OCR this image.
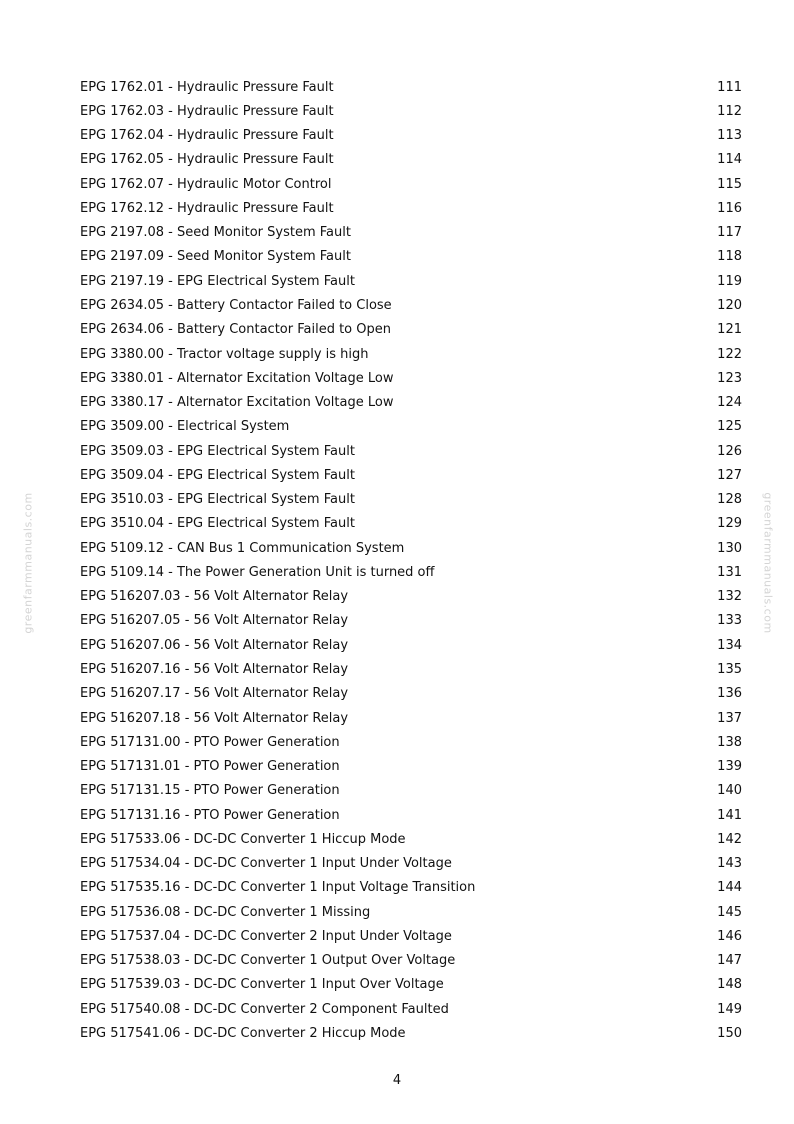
greenfarmmanuals.com	greenfarmmanuals.com
EPG 1762.01 - Hydraulic Pressure Fault	111
EPG 1762.03 - Hydraulic Pressure Fault	112
EPG 1762.04 - Hydraulic Pressure Fault	113
EPG 1762.05 - Hydraulic Pressure Fault	114
EPG 1762.07 - Hydraulic Motor Control	115
EPG 1762.12 - Hydraulic Pressure Fault	116
EPG 2197.08 - Seed Monitor System Fault	117
EPG 2197.09 - Seed Monitor System Fault	118
EPG 2197.19 - EPG Electrical System Fault	119
EPG 2634.05 - Battery Contactor Failed to Close	120
EPG 2634.06 - Battery Contactor Failed to Open	121
EPG 3380.00 - Tractor voltage supply is high	122
EPG 3380.01 - Alternator Excitation Voltage Low	123
EPG 3380.17 - Alternator Excitation Voltage Low	124
EPG 3509.00 - Electrical System	125
EPG 3509.03 - EPG Electrical System Fault	126
EPG 3509.04 - EPG Electrical System Fault	127
EPG 3510.03 - EPG Electrical System Fault	128
EPG 3510.04 - EPG Electrical System Fault	129
EPG 5109.12 - CAN Bus 1 Communication System	130
EPG 5109.14 - The Power Generation Unit is turned off	131
EPG 516207.03 - 56 Volt Alternator Relay	132
EPG 516207.05 - 56 Volt Alternator Relay	133
EPG 516207.06 - 56 Volt Alternator Relay	134
EPG 516207.16 - 56 Volt Alternator Relay	135
EPG 516207.17 - 56 Volt Alternator Relay	136
EPG 516207.18 - 56 Volt Alternator Relay	137
EPG 517131.00 - PTO Power Generation	138
EPG 517131.01 - PTO Power Generation	139
EPG 517131.15 - PTO Power Generation	140
EPG 517131.16 - PTO Power Generation	141
EPG 517533.06 - DC-DC Converter 1 Hiccup Mode	142
EPG 517534.04 - DC-DC Converter 1 Input Under Voltage	143
EPG 517535.16 - DC-DC Converter 1 Input Voltage Transition	144
EPG 517536.08 - DC-DC Converter 1 Missing	145
EPG 517537.04 - DC-DC Converter 2 Input Under Voltage	146
EPG 517538.03 - DC-DC Converter 1 Output Over Voltage	147
EPG 517539.03 - DC-DC Converter 1 Input Over Voltage	148
EPG 517540.08 - DC-DC Converter 2 Component Faulted	149
EPG 517541.06 - DC-DC Converter 2 Hiccup Mode	150
4
